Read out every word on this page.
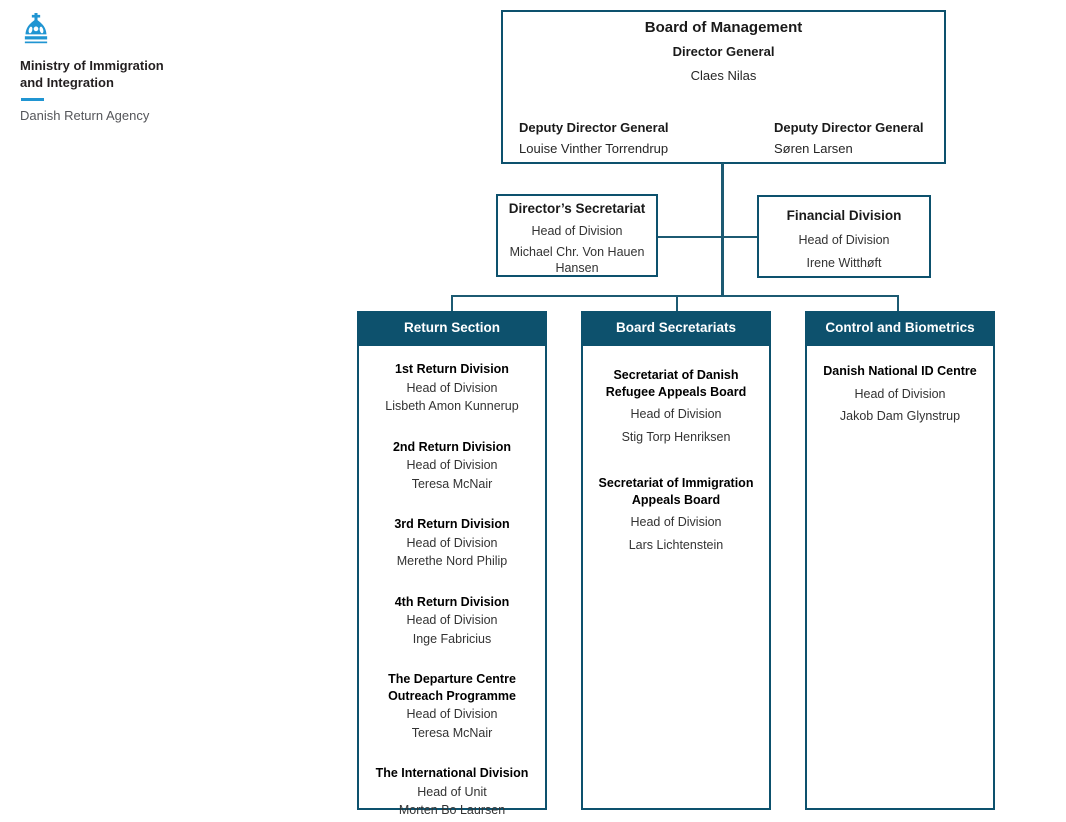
Ministry of Immigration
and Integration
Danish Return Agency
Board of Management
Director General
Claes Nilas
Deputy Director General
Louise Vinther Torrendrup
Deputy Director General
Søren Larsen
Director’s Secretariat
Head of Division
Michael Chr. Von Hauen Hansen
Financial Division
Head of Division
Irene Witthøft
Return Section
1st Return Division
Head of Division
Lisbeth Amon Kunnerup
2nd Return Division
Head of Division
Teresa McNair
3rd Return Division
Head of Division
Merethe Nord Philip
4th Return Division
Head of Division
Inge Fabricius
The Departure Centre Outreach Programme
Head of Division
Teresa McNair
The International Division
Head of Unit
Morten Bo Laursen
Board Secretariats
Secretariat of Danish Refugee Appeals Board
Head of Division
Stig Torp Henriksen
Secretariat of Immigration Appeals Board
Head of Division
Lars Lichtenstein
Control and Biometrics
Danish National ID Centre
Head of Division
Jakob Dam Glynstrup
